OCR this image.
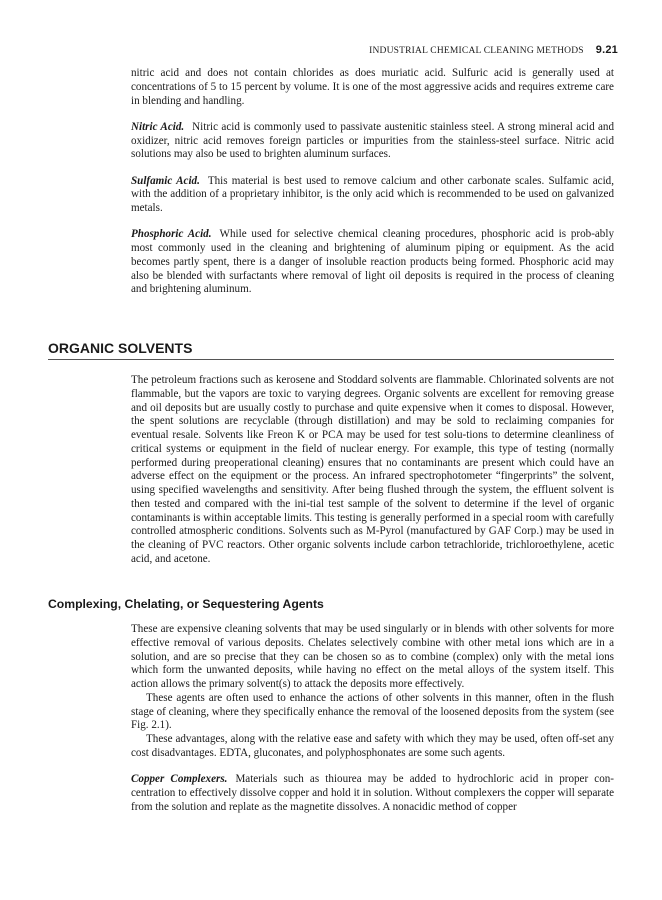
INDUSTRIAL CHEMICAL CLEANING METHODS 9.21

nitric acid and does not contain chlorides as does muriatic acid. Sulfuric acid is generally used at concentrations of 5 to 15 percent by volume. It is one of the most aggressive acids and requires extreme care in blending and handling.

Nitric Acid. Nitric acid is commonly used to passivate austenitic stainless steel. A strong mineral acid and oxidizer, nitric acid removes foreign particles or impurities from the stainless-steel surface. Nitric acid solutions may also be used to brighten aluminum surfaces.

Sulfamic Acid. This material is best used to remove calcium and other carbonate scales. Sulfamic acid, with the addition of a proprietary inhibitor, is the only acid which is recommended to be used on galvanized metals.

Phosphoric Acid. While used for selective chemical cleaning procedures, phosphoric acid is prob-ably most commonly used in the cleaning and brightening of aluminum piping or equipment. As the acid becomes partly spent, there is a danger of insoluble reaction products being formed. Phosphoric acid may also be blended with surfactants where removal of light oil deposits is required in the process of cleaning and brightening aluminum.

ORGANIC SOLVENTS

The petroleum fractions such as kerosene and Stoddard solvents are flammable. Chlorinated solvents are not flammable, but the vapors are toxic to varying degrees. Organic solvents are excellent for removing grease and oil deposits but are usually costly to purchase and quite expensive when it comes to disposal. However, the spent solutions are recyclable (through distillation) and may be sold to reclaiming companies for eventual resale. Solvents like Freon K or PCA may be used for test solu-tions to determine cleanliness of critical systems or equipment in the field of nuclear energy. For example, this type of testing (normally performed during preoperational cleaning) ensures that no contaminants are present which could have an adverse effect on the equipment or the process. An infrared spectrophotometer “fingerprints” the solvent, using specified wavelengths and sensitivity. After being flushed through the system, the effluent solvent is then tested and compared with the ini-tial test sample of the solvent to determine if the level of organic contaminants is within acceptable limits. This testing is generally performed in a special room with carefully controlled atmospheric conditions. Solvents such as M-Pyrol (manufactured by GAF Corp.) may be used in the cleaning of PVC reactors. Other organic solvents include carbon tetrachloride, trichloroethylene, acetic acid, and acetone.

Complexing, Chelating, or Sequestering Agents

These are expensive cleaning solvents that may be used singularly or in blends with other solvents for more effective removal of various deposits. Chelates selectively combine with other metal ions which are in a solution, and are so precise that they can be chosen so as to combine (complex) only with the metal ions which form the unwanted deposits, while having no effect on the metal alloys of the system itself. This action allows the primary solvent(s) to attack the deposits more effectively.

These agents are often used to enhance the actions of other solvents in this manner, often in the flush stage of cleaning, where they specifically enhance the removal of the loosened deposits from the system (see Fig. 2.1).

These advantages, along with the relative ease and safety with which they may be used, often off-set any cost disadvantages. EDTA, gluconates, and polyphosphonates are some such agents.

Copper Complexers. Materials such as thiourea may be added to hydrochloric acid in proper con-centration to effectively dissolve copper and hold it in solution. Without complexers the copper will separate from the solution and replate as the magnetite dissolves. A nonacidic method of copper
